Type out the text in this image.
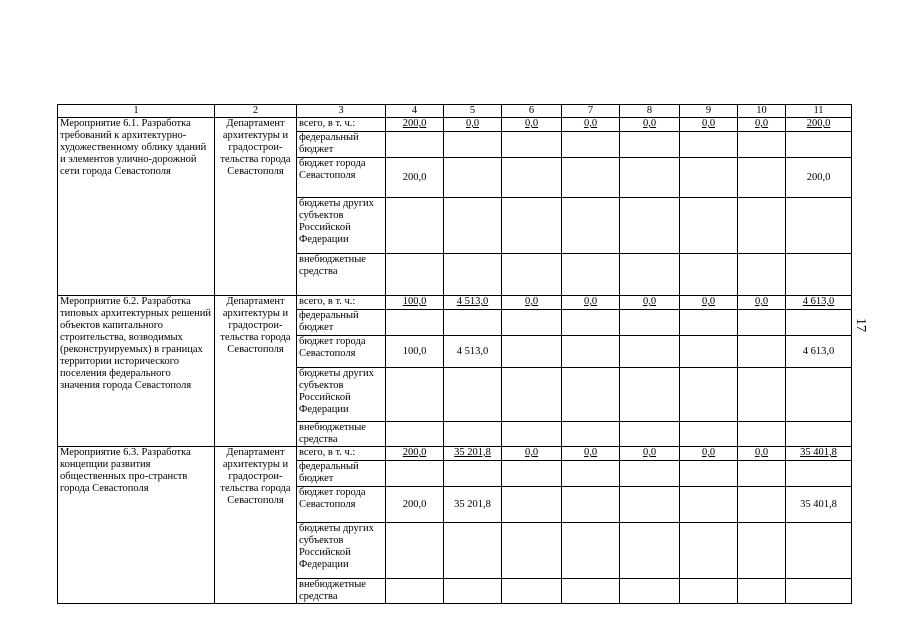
1	2	3	4	5	6	7	8	9	10	11
Мероприятие 6.1. Разработка требований к архитектурно-художественному облику зданий и элементов улично-дорожной сети города Севастополя	Департамент архитектуры и градострои-тельства города Севастополя	всего, в т. ч.:	200,0	0,0	0,0	0,0	0,0	0,0	0,0	200,0
		федеральный бюджет								
		бюджет города Севастополя	200,0							200,0
		бюджеты других субъектов Российской Федерации								
		внебюджетные средства								
Мероприятие 6.2. Разработка типовых архитектурных решений объектов капитального строительства, возводимых (реконструируемых) в границах территории исторического поселения федерального значения города Севастополя	Департамент архитектуры и градострои-тельства города Севастополя	всего, в т. ч.:	100,0	4 513,0	0,0	0,0	0,0	0,0	0,0	4 613,0
		федеральный бюджет								
		бюджет города Севастополя	100,0	4 513,0						4 613,0
		бюджеты других субъектов Российской Федерации								
		внебюджетные средства								
Мероприятие 6.3. Разработка концепции развития общественных про-странств города Севастополя	Департамент архитектуры и градострои-тельства города Севастополя	всего, в т. ч.:	200,0	35 201,8	0,0	0,0	0,0	0,0	0,0	35 401,8
		федеральный бюджет								
		бюджет города Севастополя	200,0	35 201,8						35 401,8
		бюджеты других субъектов Российской Федерации								
		внебюджетные средства								
17
